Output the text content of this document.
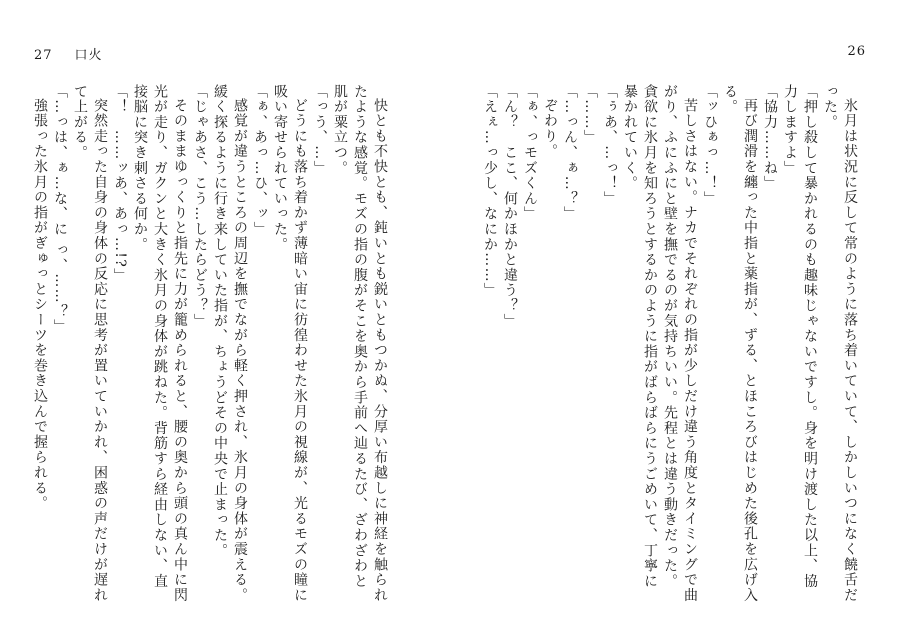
27 口火	26

氷月は状況に反して常のように落ち着いていて、しかしいつになく饒舌だった。

「押し殺して暴かれるのも趣味じゃないですし。身を明け渡した以上、協力しますよ」

「協力……ね」

再び潤滑を纏った中指と薬指が、ずる、とほころびはじめた後孔を広げ入る。

「ッひぁっ…！」

苦しさはない。ナカでそれぞれの指が少しだけ違う角度とタイミングで曲がり、ふにふにと壁を撫でるのが気持ちいい。先程とは違う動きだった。貪欲に氷月を知ろうとするかのように指がばらばらにうごめいて、丁寧に暴かれていく。

「ぅあ、…っ！」

「……」

「…っん、ぁ…？」

ぞわり。

「ぁ、っモズくん」

「ん？　ここ、何かほかと違う？」

「えぇ…っ少し、なにか……」

快とも不快とも、鈍いとも鋭いともつかぬ、分厚い布越しに神経を触られたような感覚。モズの指の腹がそこを奥から手前へ辿るたび、ざわざわと肌が粟立つ。

「っう、…」

どうにも落ち着かず薄暗い宙に彷徨わせた氷月の視線が、光るモズの瞳に吸い寄せられていった。

「ぁ、あっ…ひ、ッ」

感覚が違うところの周辺を撫でながら軽く押され、氷月の身体が震える。緩く探るように行き来していた指が、ちょうどその中央で止まった。

「じゃあさ、こう…したらどう？」

そのままゆっくりと指先に力が籠められると、腰の奥から頭の真ん中に閃光が走り、ガクンと大きく氷月の身体が跳ねた。背筋すら経由しない、直接脳に突き刺さる何か。

「！　……ッあ、あっ…!?」

突然走った自身の身体の反応に思考が置いていかれ、困惑の声だけが遅れて上がる。

「…っは、ぁ…な、に っ、……？」

強張った氷月の指がぎゅっとシーツを巻き込んで握られる。
